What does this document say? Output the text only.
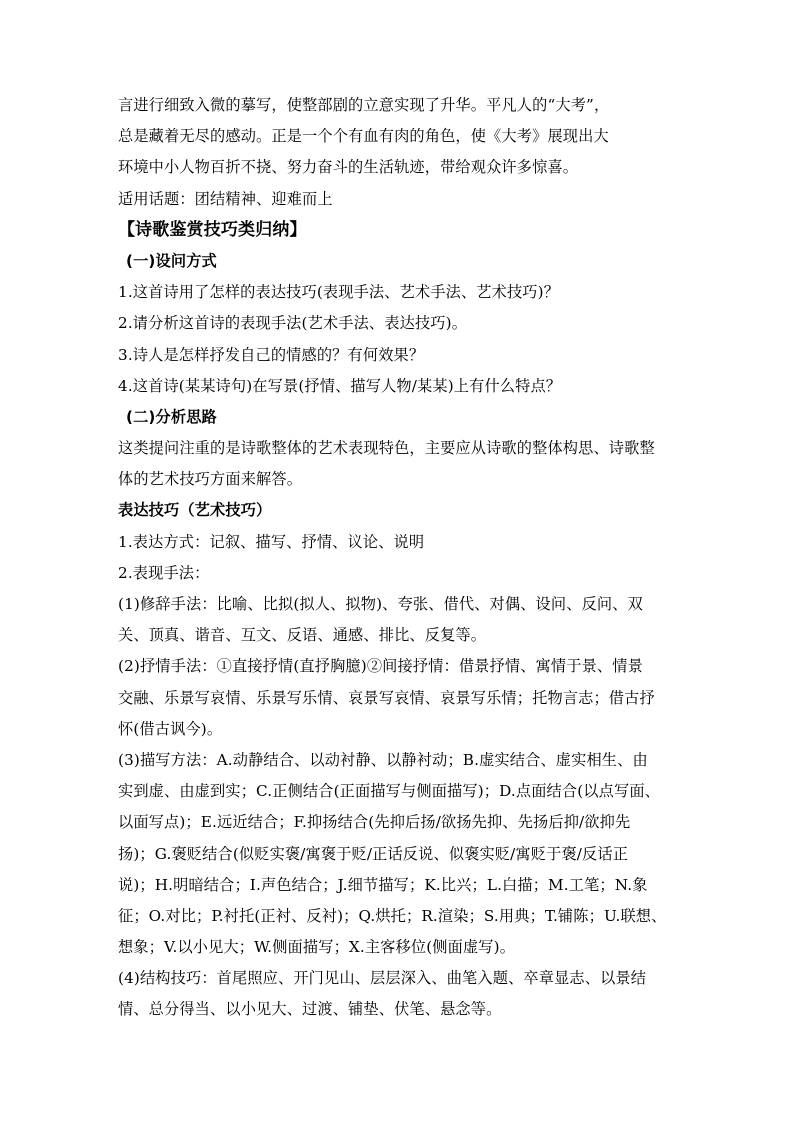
言进行细致入微的摹写，使整部剧的立意实现了升华。平凡人的“大考”，
总是藏着无尽的感动。正是一个个有血有肉的角色，使《大考》展现出大
环境中小人物百折不挠、努力奋斗的生活轨迹，带给观众许多惊喜。
适用话题：团结精神、迎难而上
【诗歌鉴赏技巧类归纳】
(一)设问方式
1.这首诗用了怎样的表达技巧(表现手法、艺术手法、艺术技巧)？
2.请分析这首诗的表现手法(艺术手法、表达技巧)。
3.诗人是怎样抒发自己的情感的？有何效果？
4.这首诗(某某诗句)在写景(抒情、描写人物/某某)上有什么特点？
(二)分析思路
这类提问注重的是诗歌整体的艺术表现特色，主要应从诗歌的整体构思、诗歌整
体的艺术技巧方面来解答。
表达技巧（艺术技巧）
1.表达方式：记叙、描写、抒情、议论、说明
2.表现手法：
(1)修辞手法：比喻、比拟(拟人、拟物)、夸张、借代、对偶、设问、反问、双
关、顶真、谐音、互文、反语、通感、排比、反复等。
(2)抒情手法：①直接抒情(直抒胸臆)②间接抒情：借景抒情、寓情于景、情景
交融、乐景写哀情、乐景写乐情、哀景写哀情、哀景写乐情；托物言志；借古抒
怀(借古讽今)。
(3)描写方法：A.动静结合、以动衬静、以静衬动；B.虚实结合、虚实相生、由
实到虚、由虚到实；C.正侧结合(正面描写与侧面描写)；D.点面结合(以点写面、
以面写点)；E.远近结合；F.抑扬结合(先抑后扬/欲扬先抑、先扬后抑/欲抑先
扬)；G.褒贬结合(似贬实褒/寓褒于贬/正话反说、似褒实贬/寓贬于褒/反话正
说)；H.明暗结合；I.声色结合；J.细节描写；K.比兴；L.白描；M.工笔；N.象
征；O.对比；P.衬托(正衬、反衬)；Q.烘托；R.渲染；S.用典；T.铺陈；U.联想、
想象；V.以小见大；W.侧面描写；X.主客移位(侧面虚写)。
(4)结构技巧：首尾照应、开门见山、层层深入、曲笔入题、卒章显志、以景结
情、总分得当、以小见大、过渡、铺垫、伏笔、悬念等。
